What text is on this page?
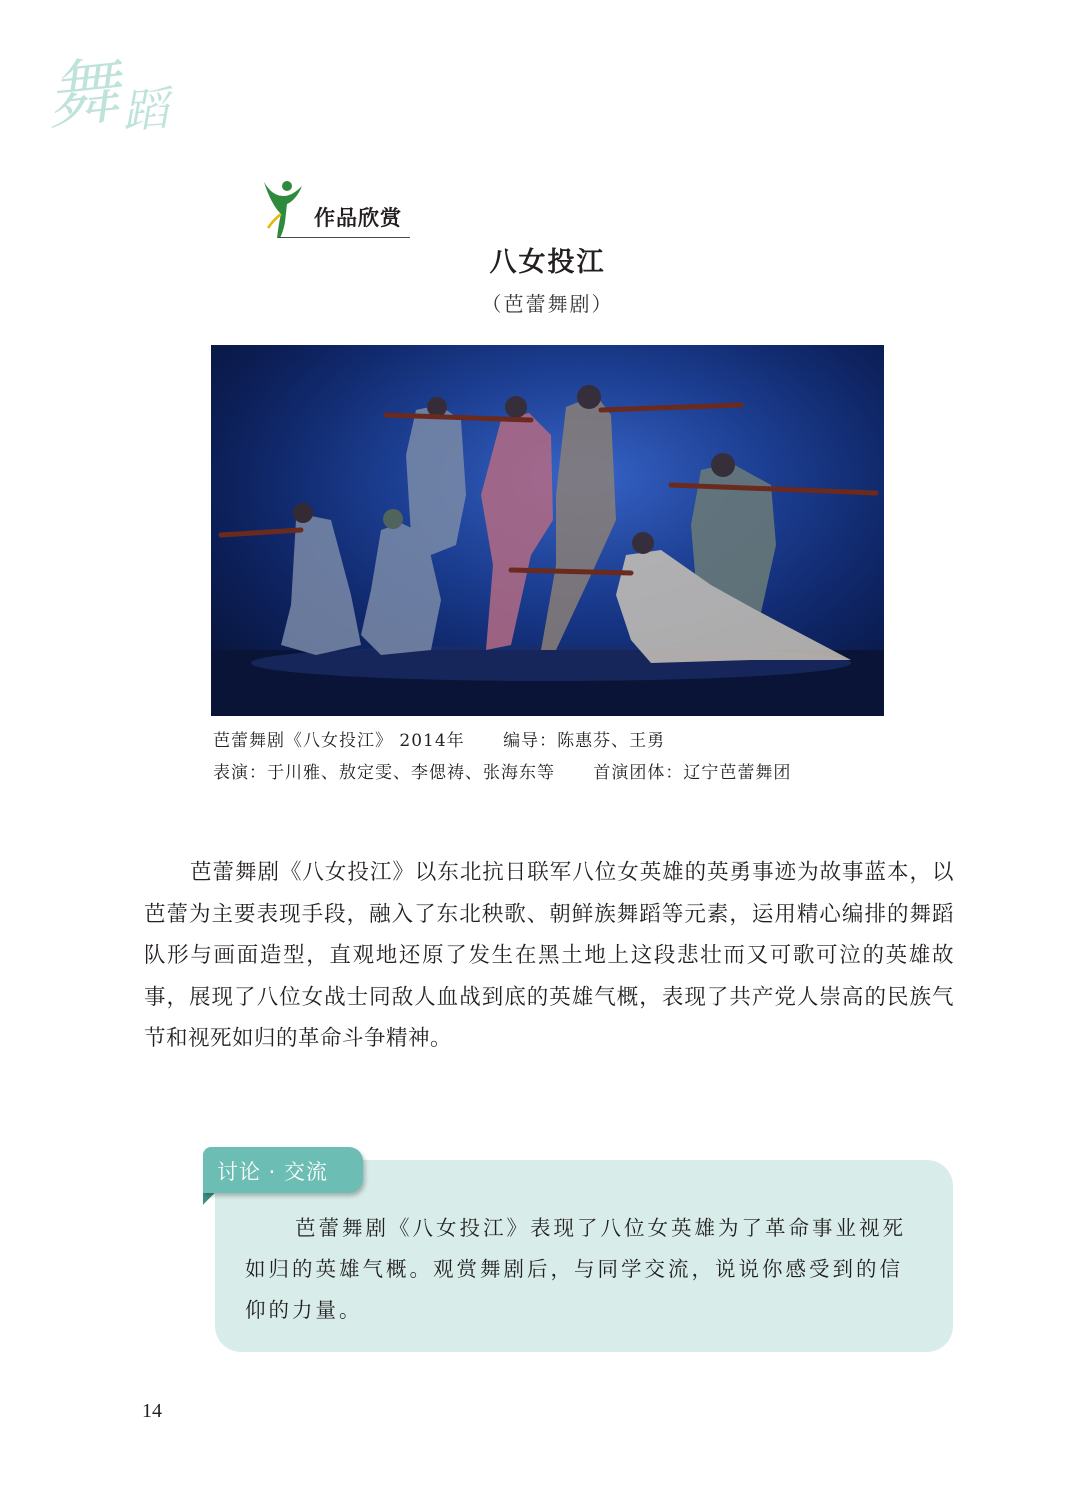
舞
蹈
作品欣赏
八女投江
（芭蕾舞剧）
芭蕾舞剧《八女投江》 2014年      编导：陈惠芬、王勇
表演：于川雅、敖定雯、李偲祷、张海东等      首演团体：辽宁芭蕾舞团
芭蕾舞剧《八女投江》以东北抗日联军八位女英雄的英勇事迹为故事蓝本，以芭蕾为主要表现手段，融入了东北秧歌、朝鲜族舞蹈等元素，运用精心编排的舞蹈队形与画面造型，直观地还原了发生在黑土地上这段悲壮而又可歌可泣的英雄故事，展现了八位女战士同敌人血战到底的英雄气概，表现了共产党人崇高的民族气节和视死如归的革命斗争精神。
芭蕾舞剧《八女投江》表现了八位女英雄为了革命事业视死如归的英雄气概。观赏舞剧后，与同学交流，说说你感受到的信仰的力量。
讨论 · 交流
14
